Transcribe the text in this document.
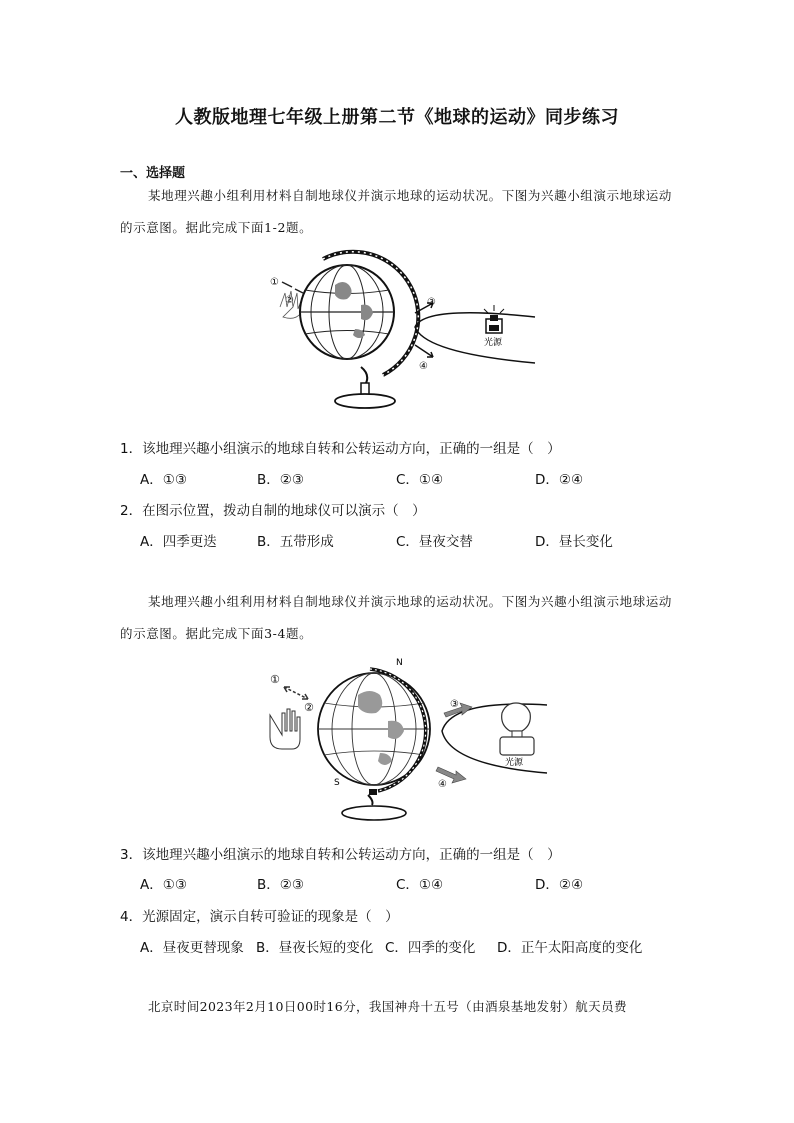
人教版地理七年级上册第二节《地球的运动》同步练习
一、选择题
某地理兴趣小组利用材料自制地球仪并演示地球的运动状况。下图为兴趣小组演示地球运动的示意图。据此完成下面1-2题。
①
②	③
④
光源
1．该地理兴趣小组演示的地球自转和公转运动方向，正确的一组是（　）
A．①③	B．②③	C．①④	D．②④
2．在图示位置，拨动自制的地球仪可以演示（　）
A．四季更迭	B．五带形成	C．昼夜交替	D．昼长变化
某地理兴趣小组利用材料自制地球仪并演示地球的运动状况。下图为兴趣小组演示地球运动的示意图。据此完成下面3-4题。
①
②
N
S
③
④
光源
3．该地理兴趣小组演示的地球自转和公转运动方向，正确的一组是（　）
A．①③	B．②③	C．①④	D．②④
4．光源固定，演示自转可验证的现象是（　）
A．昼夜更替现象 B．昼夜长短的变化 C．四季的变化 D．正午太阳高度的变化
北京时间2023年2月10日00时16分，我国神舟十五号（由酒泉基地发射）航天员费
